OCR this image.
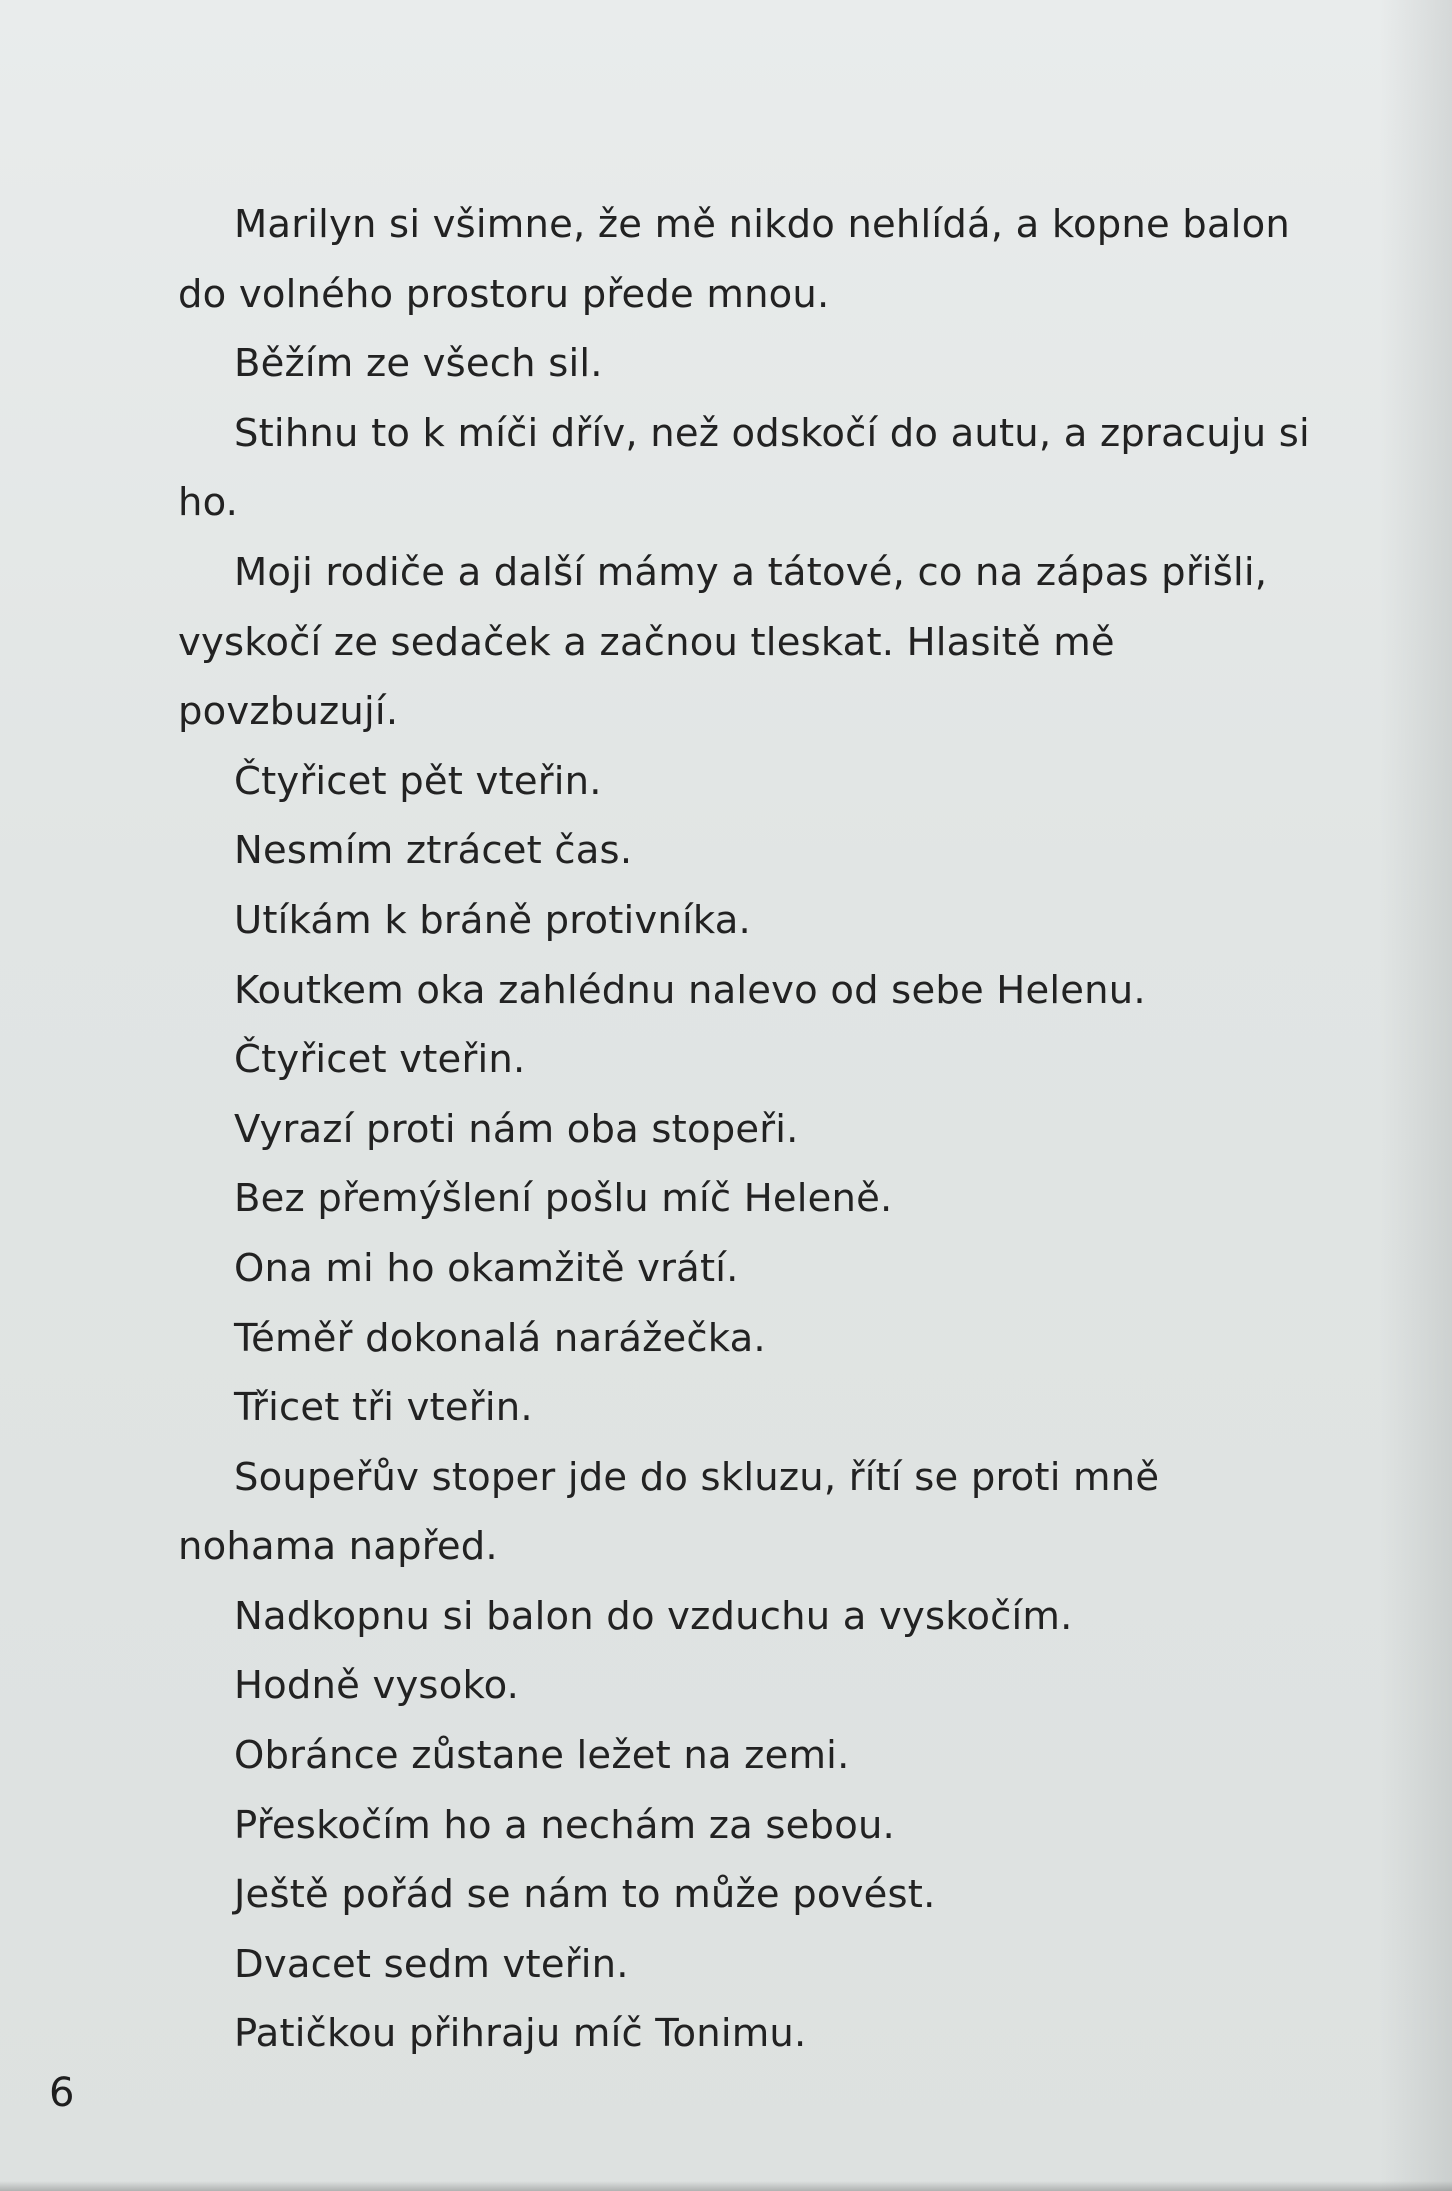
Marilyn si všimne, že mě nikdo nehlídá, a kopne balon do volného prostoru přede mnou.

Běžím ze všech sil.

Stihnu to k míči dřív, než odskočí do autu, a zpracuju si ho.

Moji rodiče a další mámy a tátové, co na zápas přišli, vyskočí ze sedaček a začnou tleskat. Hlasitě mě povzbuzují.

Čtyřicet pět vteřin.

Nesmím ztrácet čas.

Utíkám k bráně protivníka.

Koutkem oka zahlédnu nalevo od sebe Helenu.

Čtyřicet vteřin.

Vyrazí proti nám oba stopeři.

Bez přemýšlení pošlu míč Heleně.

Ona mi ho okamžitě vrátí.

Téměř dokonalá narážečka.

Třicet tři vteřin.

Soupeřův stoper jde do skluzu, řítí se proti mně nohama napřed.

Nadkopnu si balon do vzduchu a vyskočím.

Hodně vysoko.

Obránce zůstane ležet na zemi.

Přeskočím ho a nechám za sebou.

Ještě pořád se nám to může povést.

Dvacet sedm vteřin.

Patičkou přihraju míč Tonimu.

6
